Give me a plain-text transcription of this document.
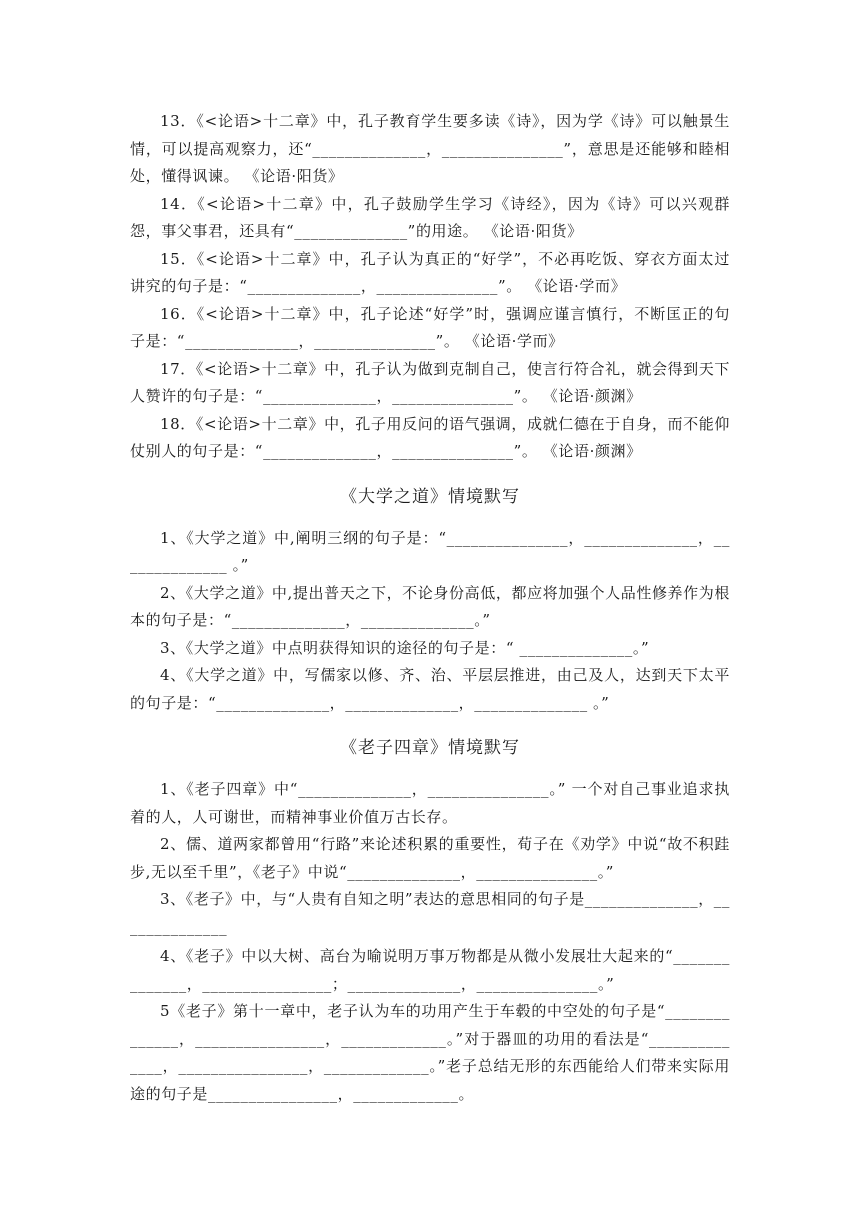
13．《<论语>十二章》中，孔子教育学生要多读《诗》，因为学《诗》可以触景生情，可以提高观察力，还“______________，_______________”，意思是还能够和睦相处，懂得讽谏。 《论语·阳货》

14．《<论语>十二章》中，孔子鼓励学生学习《诗经》，因为《诗》可以兴观群怨，事父事君，还具有“______________”的用途。 《论语·阳货》

15．《<论语>十二章》中，孔子认为真正的“好学”，不必再吃饭、穿衣方面太过讲究的句子是：“______________，_______________”。 《论语·学而》

16．《<论语>十二章》中，孔子论述“好学”时，强调应谨言慎行，不断匡正的句子是：“______________，_______________”。 《论语·学而》

17．《<论语>十二章》中，孔子认为做到克制自己，使言行符合礼，就会得到天下人赞许的句子是：“______________，_______________”。 《论语·颜渊》

18．《<论语>十二章》中，孔子用反问的语气强调，成就仁德在于自身，而不能仰仗别人的句子是：“______________，_______________”。 《论语·颜渊》

《大学之道》情境默写

1、《大学之道》中,阐明三纲的句子是：“_______________，______________，______________ 。”

2、《大学之道》中,提出普天之下，不论身份高低，都应将加强个人品性修养作为根本的句子是：“______________，______________。”

3、《大学之道》中点明获得知识的途径的句子是：“ ______________。”

4、《大学之道》中，写儒家以修、齐、治、平层层推进，由己及人，达到天下太平的句子是：“______________，______________，______________ 。”

《老子四章》情境默写

1、《老子四章》中“______________，_______________。” 一个对自己事业追求执着的人，人可谢世，而精神事业价值万古长存。

2、儒、道两家都曾用“行路”来论述积累的重要性，荀子在《劝学》中说“故不积跬步,无以至千里”，《老子》中说“______________，_______________。”

3、《老子》中，与“人贵有自知之明”表达的意思相同的句子是______________，______________

4、《老子》中以大树、高台为喻说明万事万物都是从微小发展壮大起来的“______________，________________；______________，_______________。”

5《老子》第十一章中，老子认为车的功用产生于车毂的中空处的句子是“______________，________________，_____________。”对于器皿的功用的看法是“______________，________________，_____________。”老子总结无形的东西能给人们带来实际用途的句子是________________，_____________。
